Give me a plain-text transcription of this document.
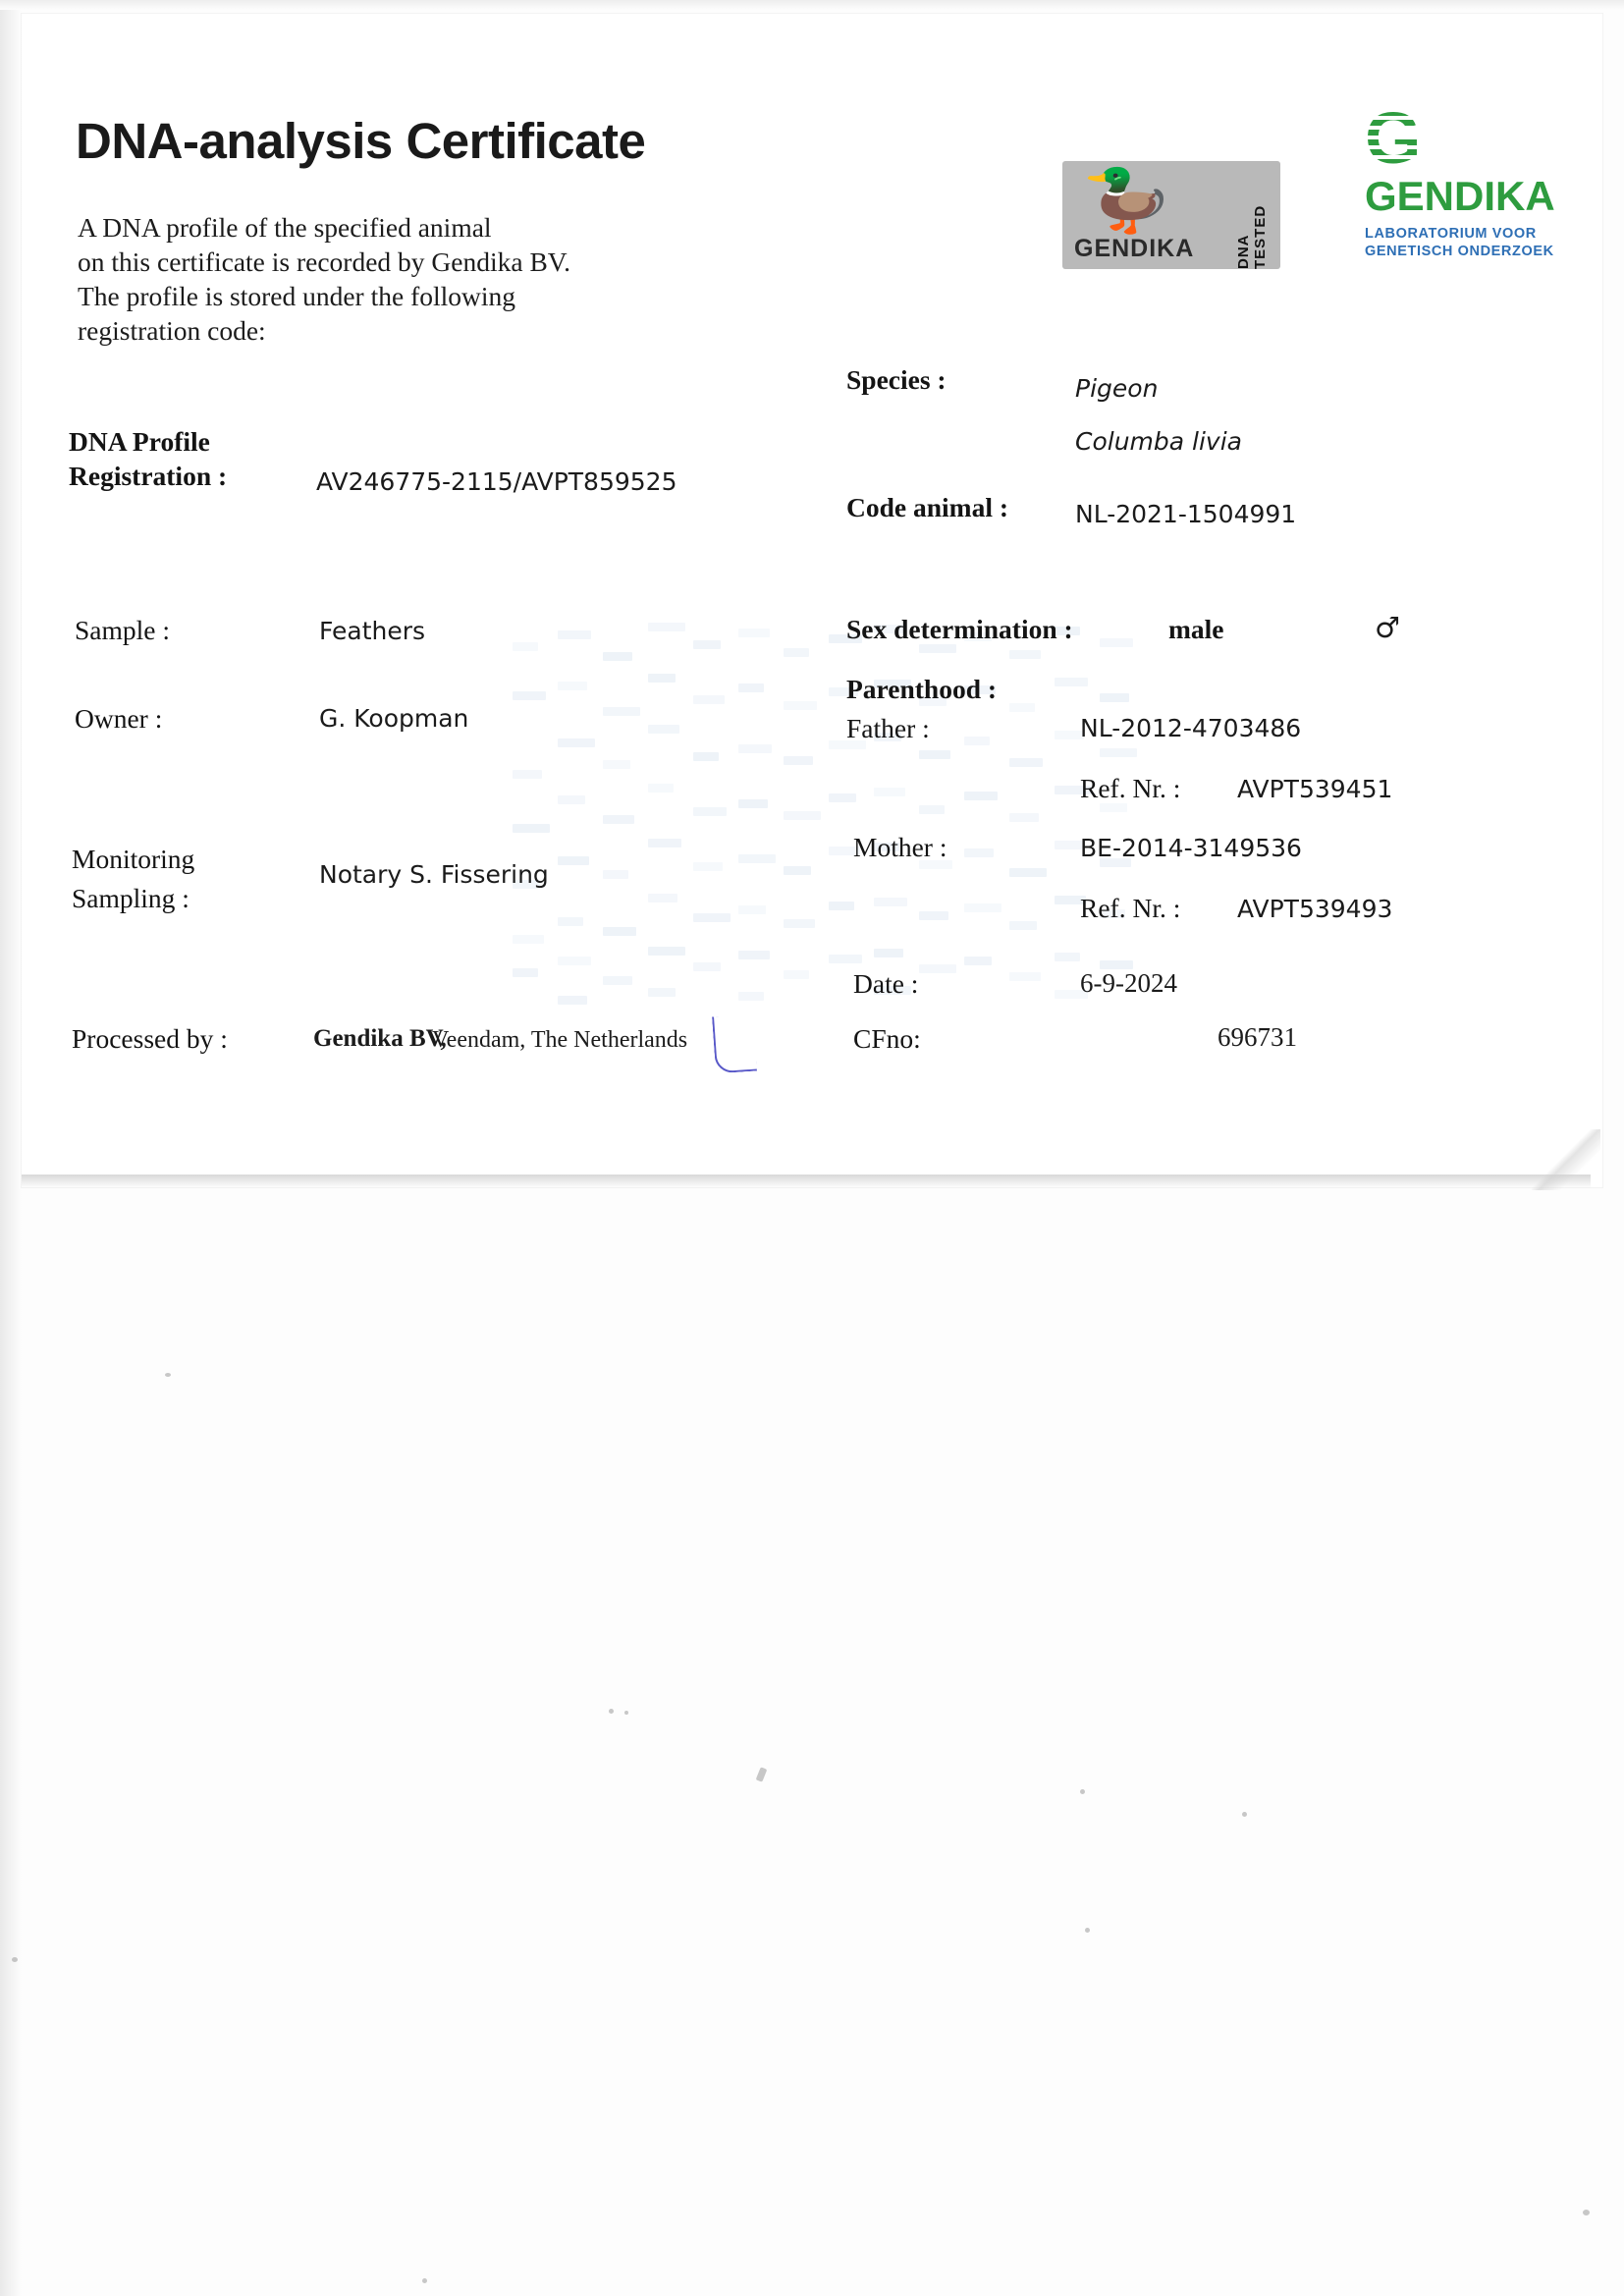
DNA-analysis Certificate
A DNA profile of the specified animal
on this certificate is recorded by Gendika BV.
The profile is stored under the following
registration code:
🦆
GENDIKA	DNA TESTED
GENDIKA
LABORATORIUM VOOR
GENETISCH ONDERZOEK
DNA Profile
Registration :	AV246775-2115/AVPT859525
Sample :	Feathers
Owner :	G. Koopman
Monitoring
Sampling :
Notary S. Fissering
Processed by :	Gendika BV,
Veendam, The Netherlands
Species :	Pigeon
Columba livia
Code animal :	NL-2021-1504991
Sex determination :	male	♂
Parenthood :
Father :	NL-2012-4703486
Ref. Nr. : AVPT539451
Mother :	BE-2014-3149536
Ref. Nr. : AVPT539493
Date :	6-9-2024
CFno:	696731
